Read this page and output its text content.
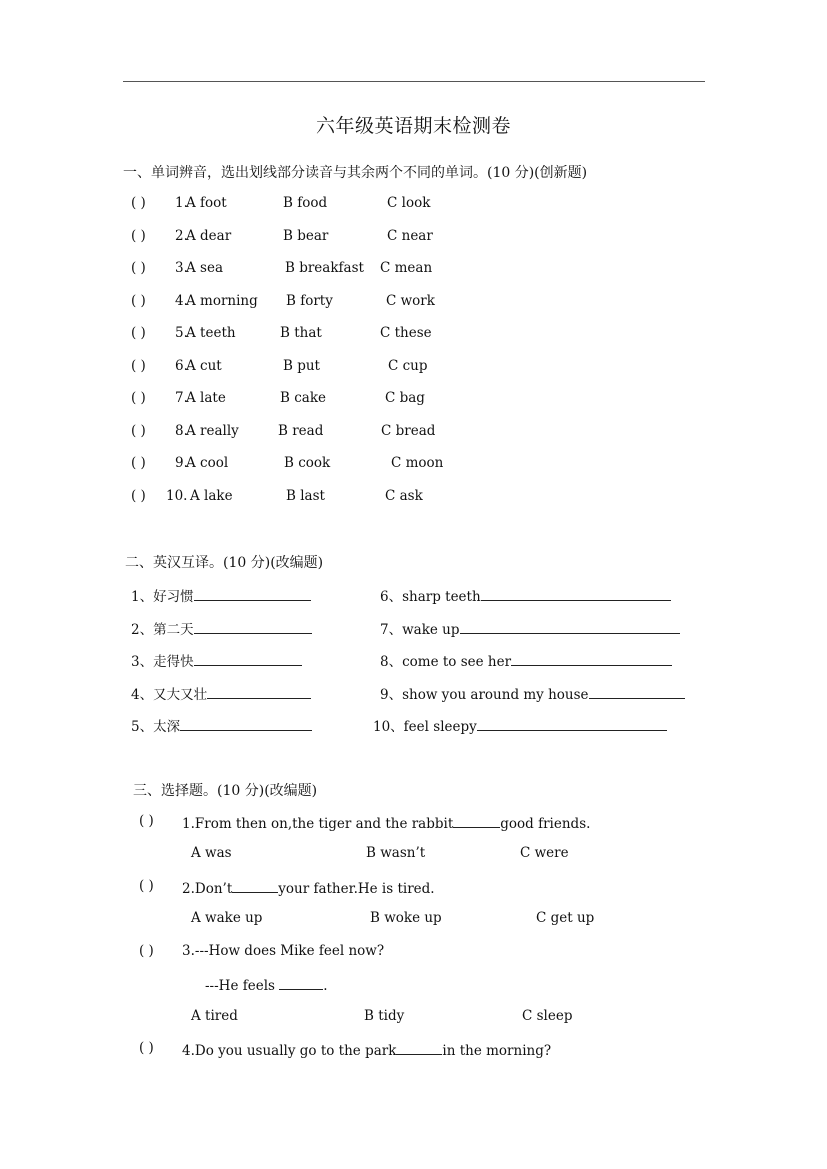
六年级英语期末检测卷
一、单词辨音，选出划线部分读音与其余两个不同的单词。(10 分)(创新题)
( ) 1.
A foot	B food	C look
( ) 2.
A dear	B bear	C near
( ) 3.
A sea	B breakfast C mean
( ) 4.
A morning B forty	C work
( ) 5.
A teeth	B that	C these
( ) 6.
A cut	B put	C cup
( ) 7.
A late	B cake	C bag
( ) 8.
A really	B read	C bread
( ) 9.
A cool	B cook	C moon
( ) 10. A lake	B last	C ask
二、英汉互译。(10 分)(改编题)
1、好习惯	6、sharp teeth
2、第二天	7、wake up
3、走得快	8、come to see her
4、又大又壮	9、show you around my house
5、太深	10、feel sleepy
三、选择题。(10 分)(改编题)
( ) 1.From then on,the tiger and the rabbit	good friends.
A was	B wasn’t	C were
( ) 2.Don’t	your father.He is tired.
A wake up	B woke up	C get up
( ) 3.---How does Mike feel now?
---He feels	.
A tired	B tidy	C sleep
( ) 4.Do you usually go to the park	in the morning?
